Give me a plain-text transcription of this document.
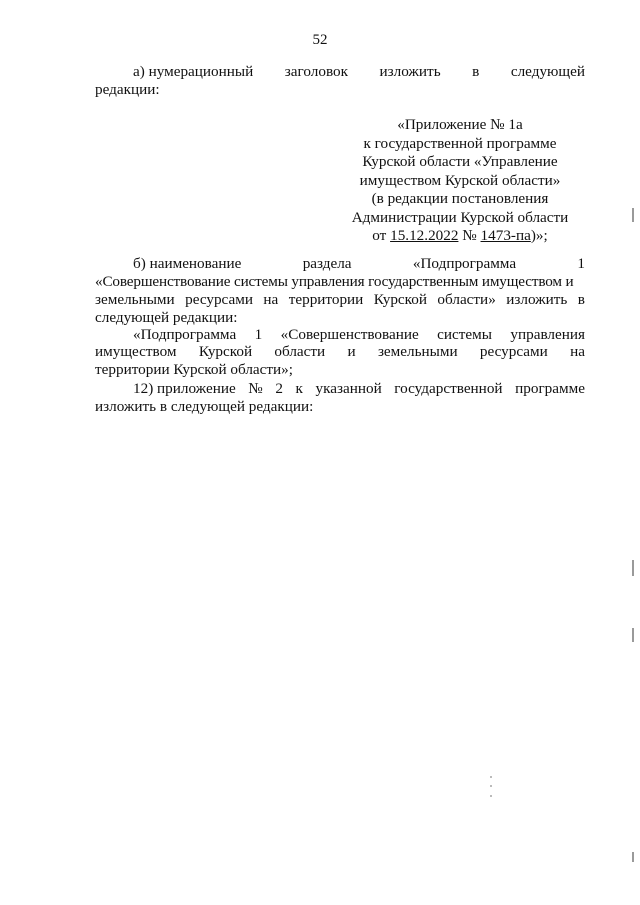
52
а) нумерационный заголовок изложить в следующей
редакции:
«Приложение № 1а
к государственной программе
Курской области «Управление
имуществом Курской области»
(в редакции постановления
Администрации Курской области
от 15.12.2022 № 1473-па)»;
б) наименование	раздела	«Подпрограмма	1
«Совершенствование системы управления государственным имуществом и
земельными ресурсами на территории Курской области» изложить в
следующей редакции:
«Подпрограмма 1 «Совершенствование системы управления
имуществом Курской области и земельными ресурсами на
территории Курской области»;
12) приложение № 2 к указанной государственной программе
изложить в следующей редакции:
